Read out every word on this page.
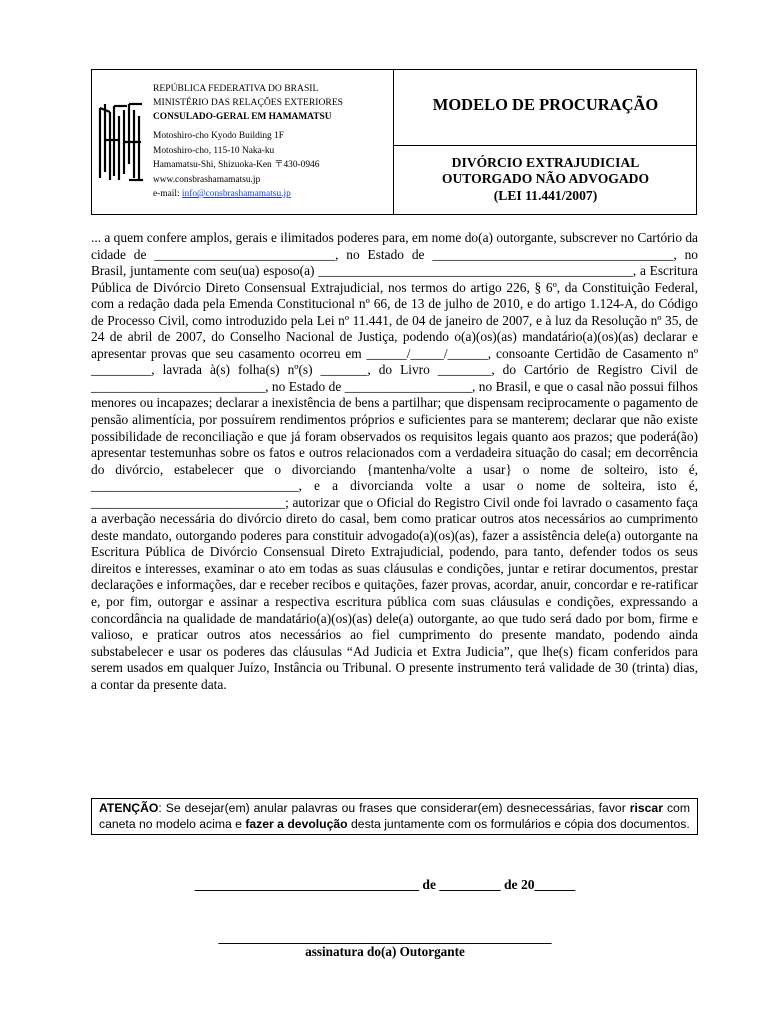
REPÚBLICA FEDERATIVA DO BRASIL
MINISTÉRIO DAS RELAÇÕES EXTERIORES
CONSULADO-GERAL EM HAMAMATSU
Motoshiro-cho Kyodo Building 1F
Motoshiro-cho, 115-10 Naka-ku
Hamamatsu-Shi, Shizuoka-Ken 〒430-0946
www.consbrashamamatsu.jp
e-mail: info@consbrashamamatsu.jp
MODELO DE PROCURAÇÃO
DIVÓRCIO EXTRAJUDICIAL
OUTORGADO NÃO ADVOGADO
(LEI 11.441/2007)

... a quem confere amplos, gerais e ilimitados poderes para, em nome do(a) outorgante, subscrever no Cartório da cidade de ___________________________, no Estado de ____________________________________, no Brasil, juntamente com seu(ua) esposo(a) _______________________________________________, a Escritura Pública de Divórcio Direto Consensual Extrajudicial, nos termos do artigo 226, § 6º, da Constituição Federal, com a redação dada pela Emenda Constitucional nº 66, de 13 de julho de 2010, e do artigo 1.124-A, do Código de Processo Civil, como introduzido pela Lei nº 11.441, de 04 de janeiro de 2007, e à luz da Resolução nº 35, de 24 de abril de 2007, do Conselho Nacional de Justiça, podendo o(a)(os)(as) mandatário(a)(os)(as) declarar e apresentar provas que seu casamento ocorreu em ______/_____/______, consoante Certidão de Casamento nº _________, lavrada à(s) folha(s) nº(s) _______, do Livro ________, do Cartório de Registro Civil de __________________________, no Estado de ___________________, no Brasil, e que o casal não possui filhos menores ou incapazes; declarar a inexistência de bens a partilhar; que dispensam reciprocamente o pagamento de pensão alimentícia, por possuírem rendimentos próprios e suficientes para se manterem; declarar que não existe possibilidade de reconciliação e que já foram observados os requisitos legais quanto aos prazos; que poderá(ão) apresentar testemunhas sobre os fatos e outros relacionados com a verdadeira situação do casal; em decorrência do divórcio, estabelecer que o divorciando {mantenha/volte a usar} o nome de solteiro, isto é, _______________________________, e a divorcianda volte a usar o nome de solteira, isto é, _____________________________; autorizar que o Oficial do Registro Civil onde foi lavrado o casamento faça a averbação necessária do divórcio direto do casal, bem como praticar outros atos necessários ao cumprimento deste mandato, outorgando poderes para constituir advogado(a)(os)(as), fazer a assistência dele(a) outorgante na Escritura Pública de Divórcio Consensual Direto Extrajudicial, podendo, para tanto, defender todos os seus direitos e interesses, examinar o ato em todas as suas cláusulas e condições, juntar e retirar documentos, prestar declarações e informações, dar e receber recibos e quitações, fazer provas, acordar, anuir, concordar e re-ratificar e, por fim, outorgar e assinar a respectiva escritura pública com suas cláusulas e condições, expressando a concordância na qualidade de mandatário(a)(os)(as) dele(a) outorgante, ao que tudo será dado por bom, firme e valioso, e praticar outros atos necessários ao fiel cumprimento do presente mandato, podendo ainda substabelecer e usar os poderes das cláusulas “Ad Judicia et Extra Judicia”, que lhe(s) ficam conferidos para serem usados em qualquer Juízo, Instância ou Tribunal. O presente instrumento terá validade de 30 (trinta) dias, a contar da presente data.

ATENÇÃO: Se desejar(em) anular palavras ou frases que considerar(em) desnecessárias, favor riscar com caneta no modelo acima e fazer a devolução desta juntamente com os formulários e cópia dos documentos.
_________________________________ de _________ de 20______
_________________________________________________
assinatura do(a) Outorgante
